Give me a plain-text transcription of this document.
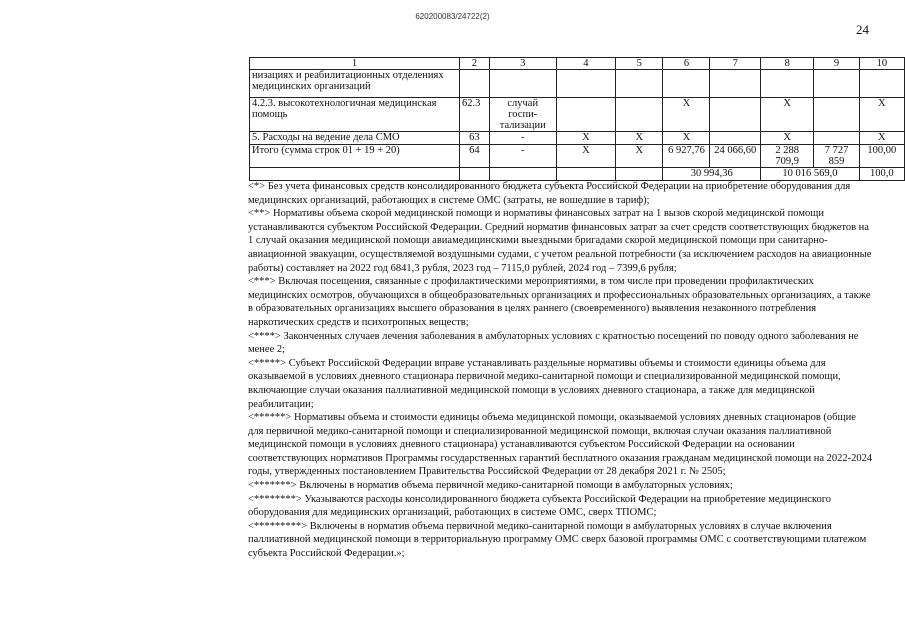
620200083/24722(2)
24
1	2	3	4	5	6	7	8	9	10
низациях и реабилитационных отделениях медицинских организаций									
4.2.3. высокотехнологичная медицинская помощь	62.3	случай госпи-тализации			Х		Х		Х
5. Расходы на ведение дела СМО	63	-	Х	Х	Х		Х		Х
Итого (сумма строк 01 + 19 + 20)	64	-	Х	Х	6 927,76	24 066,60	2 288 709,9	7 727 859	100,00
					30 994,36		10 016 569,0		100,0

<*> Без учета финансовых средств консолидированного бюджета субъекта Российской Федерации на приобретение оборудования для медицинских организаций, работающих в системе ОМС (затраты, не вошедшие в тариф);

<**> Нормативы объема скорой медицинской помощи и нормативы финансовых затрат на 1 вызов скорой медицинской помощи устанавливаются субъектом Российской Федерации. Средний норматив финансовых затрат за счет средств соответствующих бюджетов на 1 случай оказания медицинской помощи авиамедицинскими выездными бригадами скорой медицинской помощи при санитарно-авиационной эвакуации, осуществляемой воздушными судами, с учетом реальной потребности (за исключением расходов на авиационные работы) составляет на 2022 год 6841,3 рубля, 2023 год – 7115,0 рублей, 2024 год – 7399,6 рубля;

<***> Включая посещения, связанные с профилактическими мероприятиями, в том числе при проведении профилактических медицинских осмотров, обучающихся в общеобразовательных организациях и профессиональных образовательных организациях, а также в образовательных организациях высшего образования в целях раннего (своевременного) выявления незаконного потребления наркотических средств и психотропных веществ;

<****> Законченных случаев лечения заболевания в амбулаторных условиях с кратностью посещений по поводу одного заболевания не менее 2;

<*****> Субъект Российской Федерации вправе устанавливать раздельные нормативы объемы и стоимости единицы объема для оказываемой в условиях дневного стационара первичной медико-санитарной помощи и специализированной медицинской помощи, включающие случаи оказания паллиативной медицинской помощи в условиях дневного стационара, а также для медицинской реабилитации;

<******> Нормативы объема и стоимости единицы объема медицинской помощи, оказываемой условиях дневных стационаров (общие для первичной медико-санитарной помощи и специализированной медицинской помощи, включая случаи оказания паллиативной медицинской помощи в условиях дневного стационара) устанавливаются субъектом Российской Федерации на основании соответствующих нормативов Программы государственных гарантий бесплатного оказания гражданам медицинской помощи на 2022-2024 годы, утвержденных постановлением Правительства Российской Федерации от 28 декабря 2021 г. № 2505;

<*******> Включены в норматив объема первичной медико-санитарной помощи в амбулаторных условиях;

<********> Указываются расходы консолидированного бюджета субъекта Российской Федерации на приобретение медицинского оборудования для медицинских организаций, работающих в системе ОМС, сверх ТПОМС;

<*********> Включены в норматив объема первичной медико-санитарной помощи в амбулаторных условиях в случае включения паллиативной медицинской помощи в территориальную программу ОМС сверх базовой программы ОМС с соответствующими платежом субъекта Российской Федерации.»;
